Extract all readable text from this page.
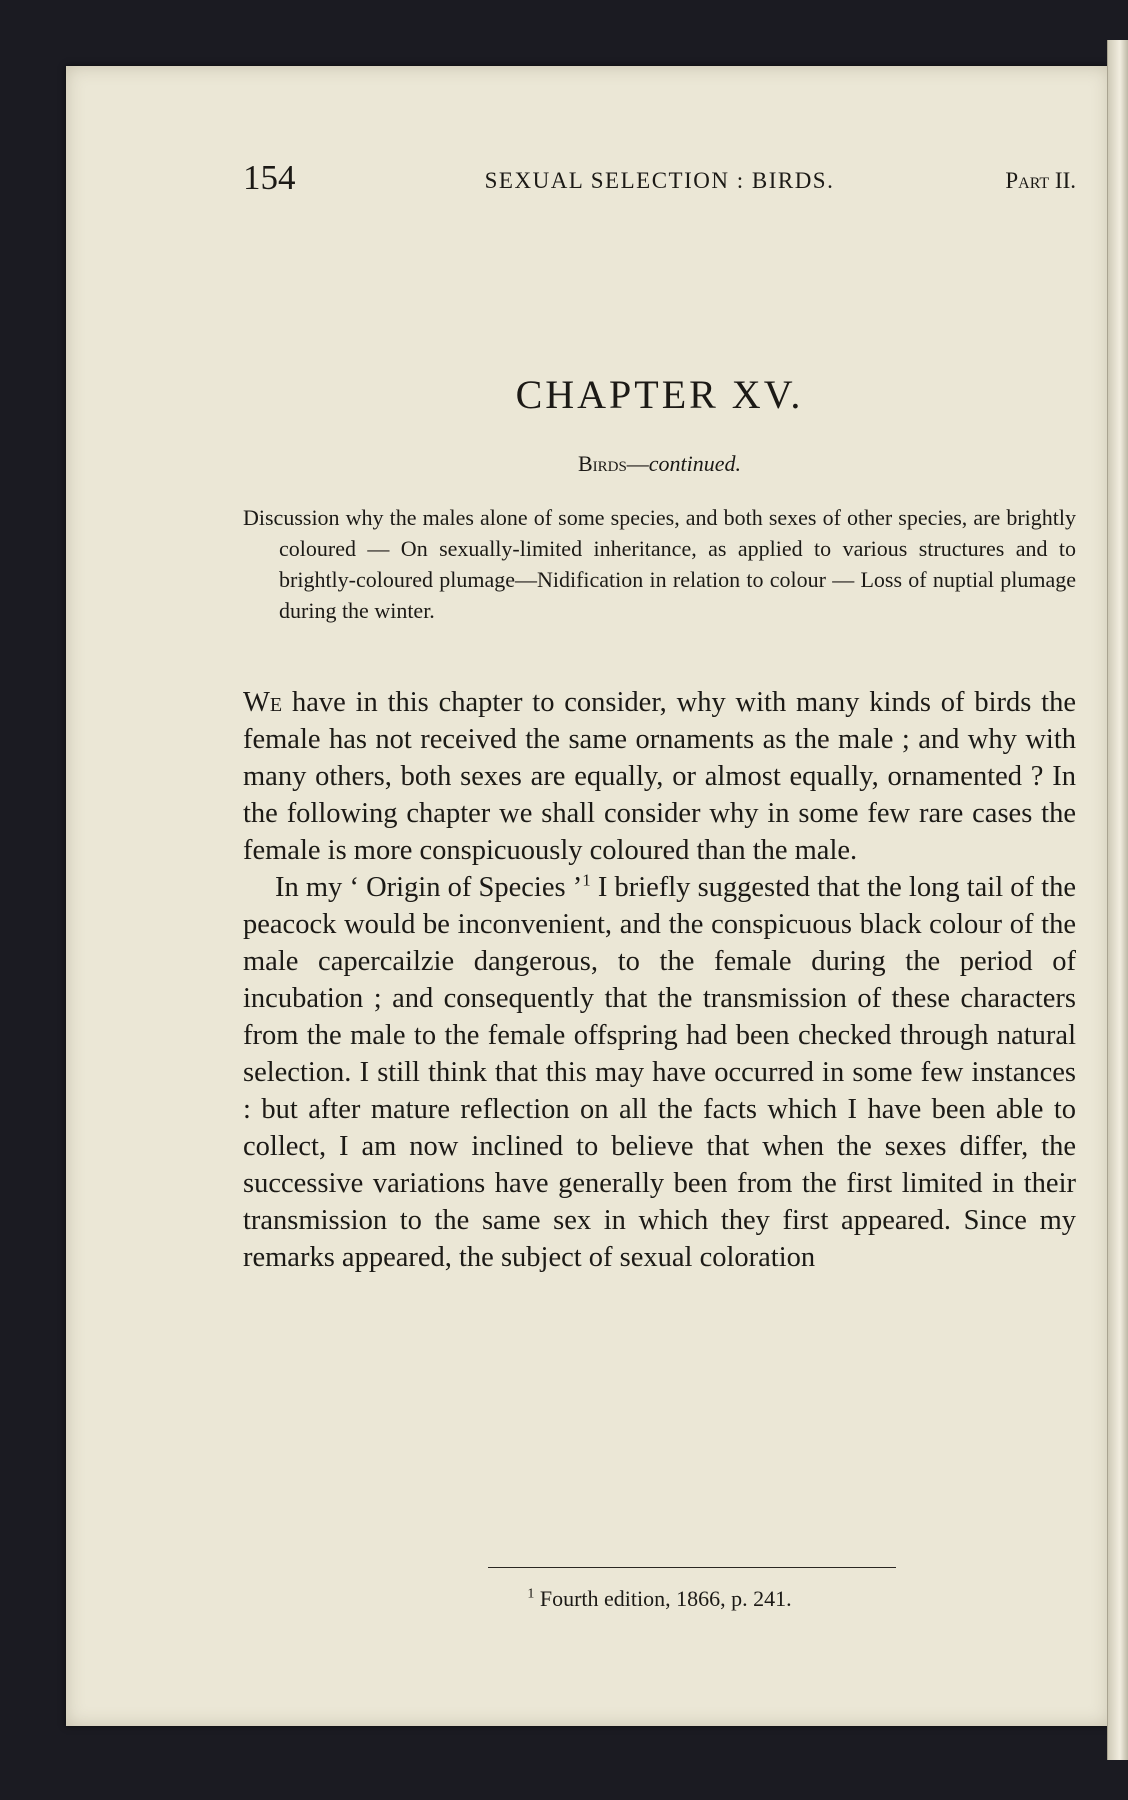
154	SEXUAL SELECTION : BIRDS.	Part II.
CHAPTER XV.
Birds—continued.
Discussion why the males alone of some species, and both sexes of other species, are brightly coloured — On sexually-limited inheritance, as applied to various structures and to brightly-coloured plumage—Nidification in relation to colour — Loss of nuptial plumage during the winter.

We have in this chapter to consider, why with many kinds of birds the female has not received the same ornaments as the male ; and why with many others, both sexes are equally, or almost equally, ornamented ? In the following chapter we shall consider why in some few rare cases the female is more conspicuously coloured than the male.

In my ‘ Origin of Species ’$^1$ I briefly suggested that the long tail of the peacock would be inconvenient, and the conspicuous black colour of the male capercailzie dangerous, to the female during the period of incubation ; and consequently that the transmission of these characters from the male to the female offspring had been checked through natural selection. I still think that this may have occurred in some few instances : but after mature reflection on all the facts which I have been able to collect, I am now inclined to believe that when the sexes differ, the successive variations have generally been from the first limited in their transmission to the same sex in which they first appeared. Since my remarks appeared, the subject of sexual coloration

$^1$ Fourth edition, 1866, p. 241.
